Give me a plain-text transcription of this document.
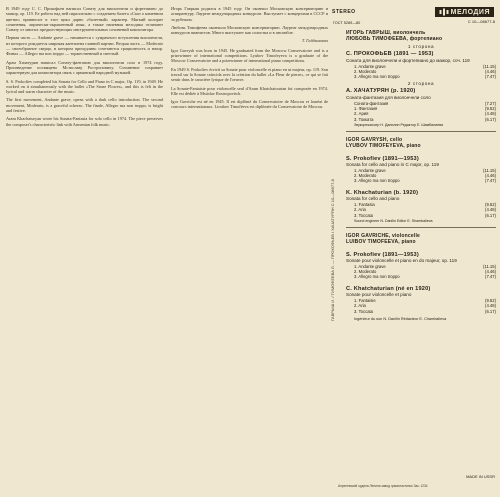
В 1949 году С. С. Прокофьев написал Сонату для виолончели и фортепиано до мажор, ор. 119. Ее работа над ней параллельно с созданием балета «Сказ о каменном цветке» привносит в этот цикл дарно «балетный» характер. Мягкий колорит сочинения, лирически-окрашенный язык, а также напевная мелодика отличают Сонату от многих предшествующих инструментальных сочинений композитора.

Первая часть — Andante grave — начинается с сумрачного вступления виолончели, из которого рождается широкая кантилена главной партии. Вторая часть — Moderato — своеобразное скерцо, в котором причудливо сочетаются грациозность и юмор. Финал — Allegro ma non troppo — торжественный и светлый.

Арам Хачатурян написал Сонату-фантазию для виолончели соло в 1974 году. Произведение посвящено Мстиславу Ростроповичу. Сочинение сохраняет характерную для композитора связь с армянской народной музыкой.

S. S. Prokofiev completed his Sonata for Cello and Piano in C major, Op. 119, in 1949. He worked on it simultaneously with the ballet «The Stone Flower», and this is felt in the lyrical and warm character of the music.

The first movement, Andante grave, opens with a dark cello introduction. The second movement, Moderato, is a graceful scherzo. The finale, Allegro ma non troppo, is bright and festive.

Aram Khachaturyan wrote his Sonata-Fantasia for solo cello in 1974. The piece preserves the composer's characteristic link with Armenian folk music.

Игорь Гаврыш родился в 1945 году. Он окончил Московскую консерваторию и аспирантуру. Лауреат международных конкурсов. Выступает с концертами в СССР и за рубежом.

Любовь Тимофеева окончила Московскую консерваторию. Лауреат международных конкурсов пианистов. Много выступает как солистка и в ансамбле.

Т. Гайдамович

Igor Gavrysh was born in 1945. He graduated from the Moscow Conservatoire and is a prizewinner of international competitions. Lyubov Timofeyeva is a graduate of the Moscow Conservatoire and a prizewinner of international piano competitions.

En 1949 S. Prokofiev écrivit sa Sonate pour violoncelle et piano en ut majeur, op. 119. Son travail sur la Sonate coïncida avec la création du ballet «La Fleur de pierre», ce qui se fait sentir dans le caractère lyrique de l'oeuvre.

La Sonate-Fantaisie pour violoncelle seul d'Aram Khatchatourian fut composée en 1974. Elle est dédiée à Mstislav Rostropovitch.

Igor Gavriche est né en 1945. Il est diplômé du Conservatoire de Moscou et lauréat de concours internationaux. Lioubov Timoféeva est diplômée du Conservatoire de Moscou.

ГАВРЫШ И. / ТИМОФЕЕВА Л. — ПРОКОФЬЕВ / ХАЧАТУРЯН С 10—08677-8
STEREO	МЕЛОДИЯ
ГОСТ 5289—80	С 10—08677-8
ИГОРЬ ГАВРЫШ, виолончель
ЛЮБОВЬ ТИМОФЕЕВА, фортепиано
1 сторона
С. ПРОКОФЬЕВ (1891 — 1953)
Соната для виолончели и фортепиано до мажор, соч. 119
1. Andante grave	(11.15)
2. Moderato	(4.46)
3. Allegro ma non troppo	(7.47)
2 сторона
А. ХАЧАТУРЯН (р. 1920)
Соната-фантазия для виолончели соло
Соната-фантазия	(7.27)
1. Фантазия	(9.52)
2. Ария	(4.48)
3. Токката	(6.17)
Звукорежиссер Н. Данилин Редактор Е. Шамбалиева
IGOR GAVRYSH, cello
LYUBOV TIMOFEYEVA, piano
S. Prokofiev (1891—1953)
Sonata for cello and piano in C major, op. 119
1. Andante grave	(11.15)
2. Moderato	(4.46)
3. Allegro ma non troppo	(7.47)
K. Khachaturian (b. 1920)
Sonata for cello and piano
1. Fantasia	(9.52)
2. Aria	(4.48)
3. Toccata	(6.17)
Sound engineer N. Danilin Editor E. Shambalieva
IGOR GAVRICHE, violoncelle
LUIBOV TIMOFEEVA, piano
S. Prokofiev (1891—1953)
Sonate pour violoncelle et piano en do majeur, op. 119
1. Andante grave	(11.15)
2. Moderato	(4.46)
3. Allegro ma non troppo	(7.47)
C. Khatchaturian (né en 1920)
Sonate pour violoncelle et piano
1. Fantaisie	(9.52)
2. Aria	(4.48)
3. Toccata	(6.17)
Ingénieur du son N. Danilin Rédacteur E. Chambalieva
MADE IN USSR
Апрелевский ордена Ленина завод грампластинок Зак. 1234
